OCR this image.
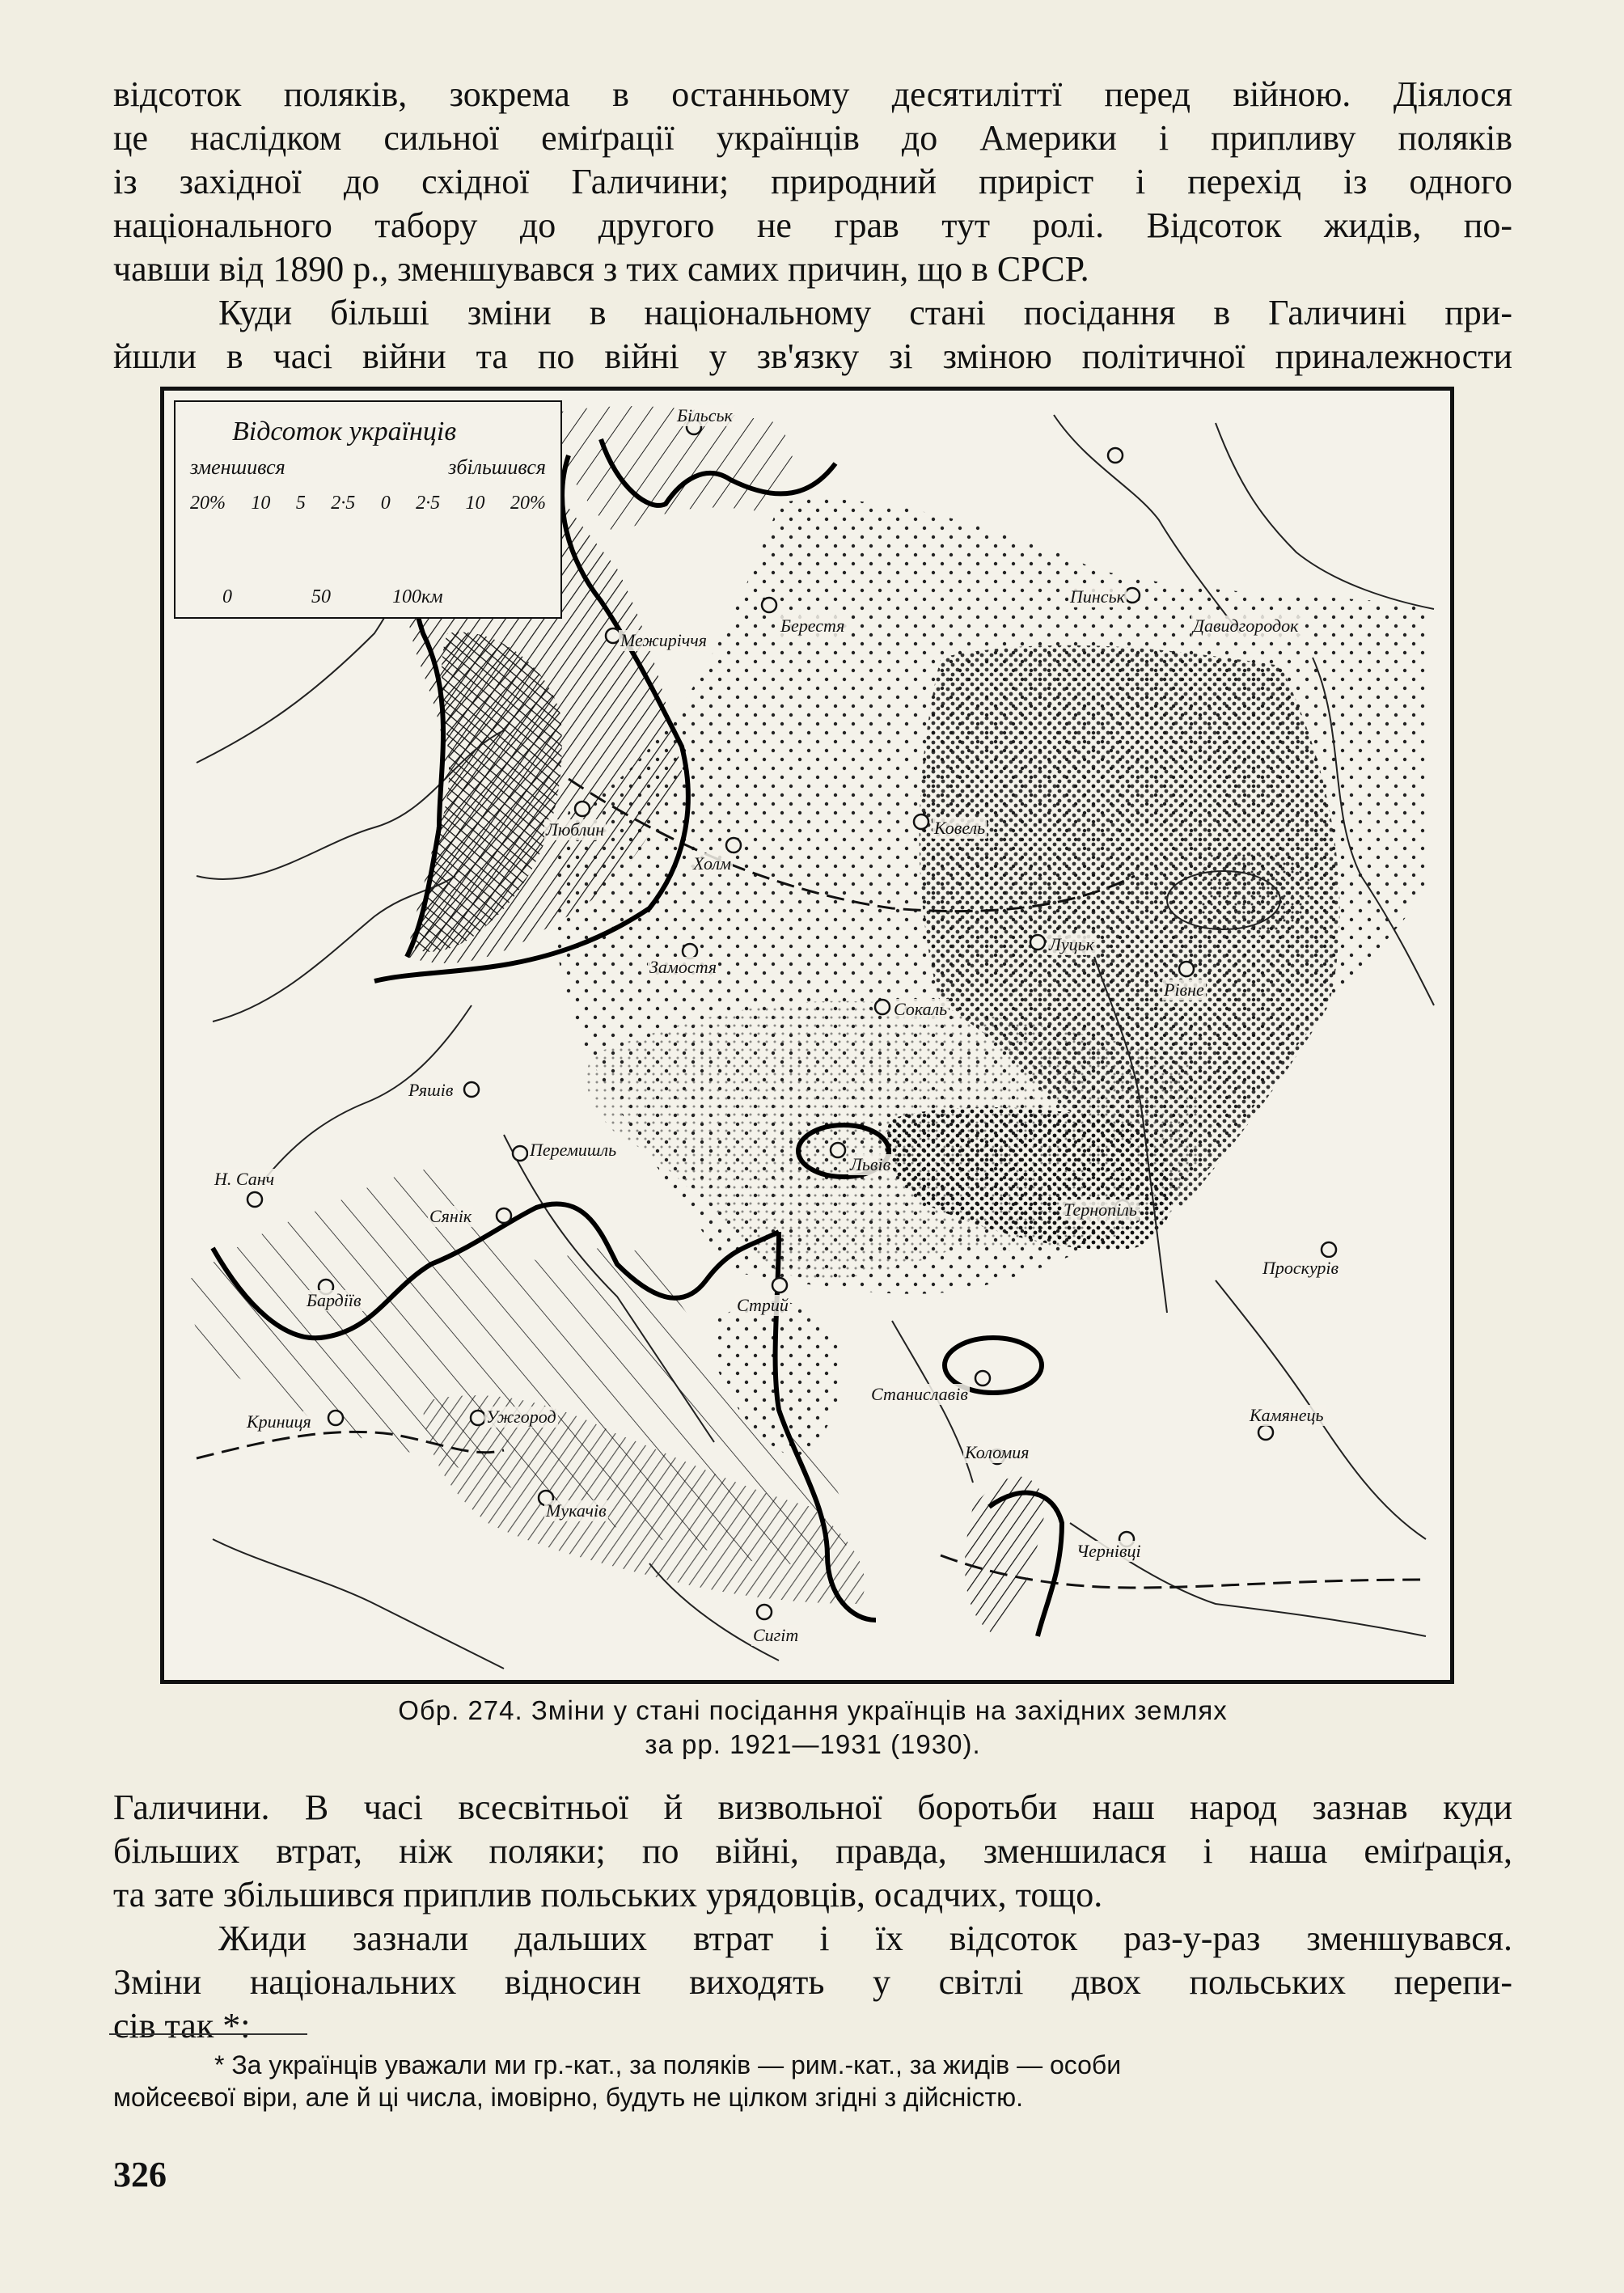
відсоток поляків, зокрема в останньому десятиліттї перед війною. Діялося
це наслідком сильної еміґрації українців до Америки і припливу поляків
із західної до східної Галичини; природний приріст і перехід із одного
національного табору до другого не грав тут ролі. Відсоток жидів, по-
чавши від 1890 р., зменшувався з тих самих причин, що в СРСР.
Куди більші зміни в національному стані посідання в Галичині при-
йшли в часі війни та по війні у зв'язку зі зміною політичної приналежности
Відсоток українців
зменшився	збільшився
20% 10 5 2·5 0 2·5 10 20%
0	50	100км
Більськ
Берестя
Межиріччя
Пинськ
Давидгородок
Люблин
Холм
Ковель
Луцьк
Рівне
Замостя
Сокаль
Ряшів
Перемишль
Львів
Тернопіль
Н. Санч
Сянік
Проскурів
Бардіїв	Стрий
Станиславів
Криниця	Ужгород	Камянець
Коломия
Мукачів
Чернівці
Сигіт
Обр. 274. Зміни у стані посідання українців на західних землях
за рр. 1921—1931 (1930).
Галичини. В часі всесвітньої й визвольної боротьби наш народ зазнав куди
більших втрат, ніж поляки; по війні, правда, зменшилася і наша еміґрація,
та зате збільшився приплив польських урядовців, осадчих, тощо.
Жиди зазнали дальших втрат і їх відсоток раз-у-раз зменшувався.
Зміни національних відносин виходять у світлі двох польських перепи-
сів так *:
* За українців уважали ми гр.-кат., за поляків — рим.-кат., за жидів — особи
мойсеєвої віри, але й ці числа, імовірно, будуть не цілком згідні з дійсністю.
326
